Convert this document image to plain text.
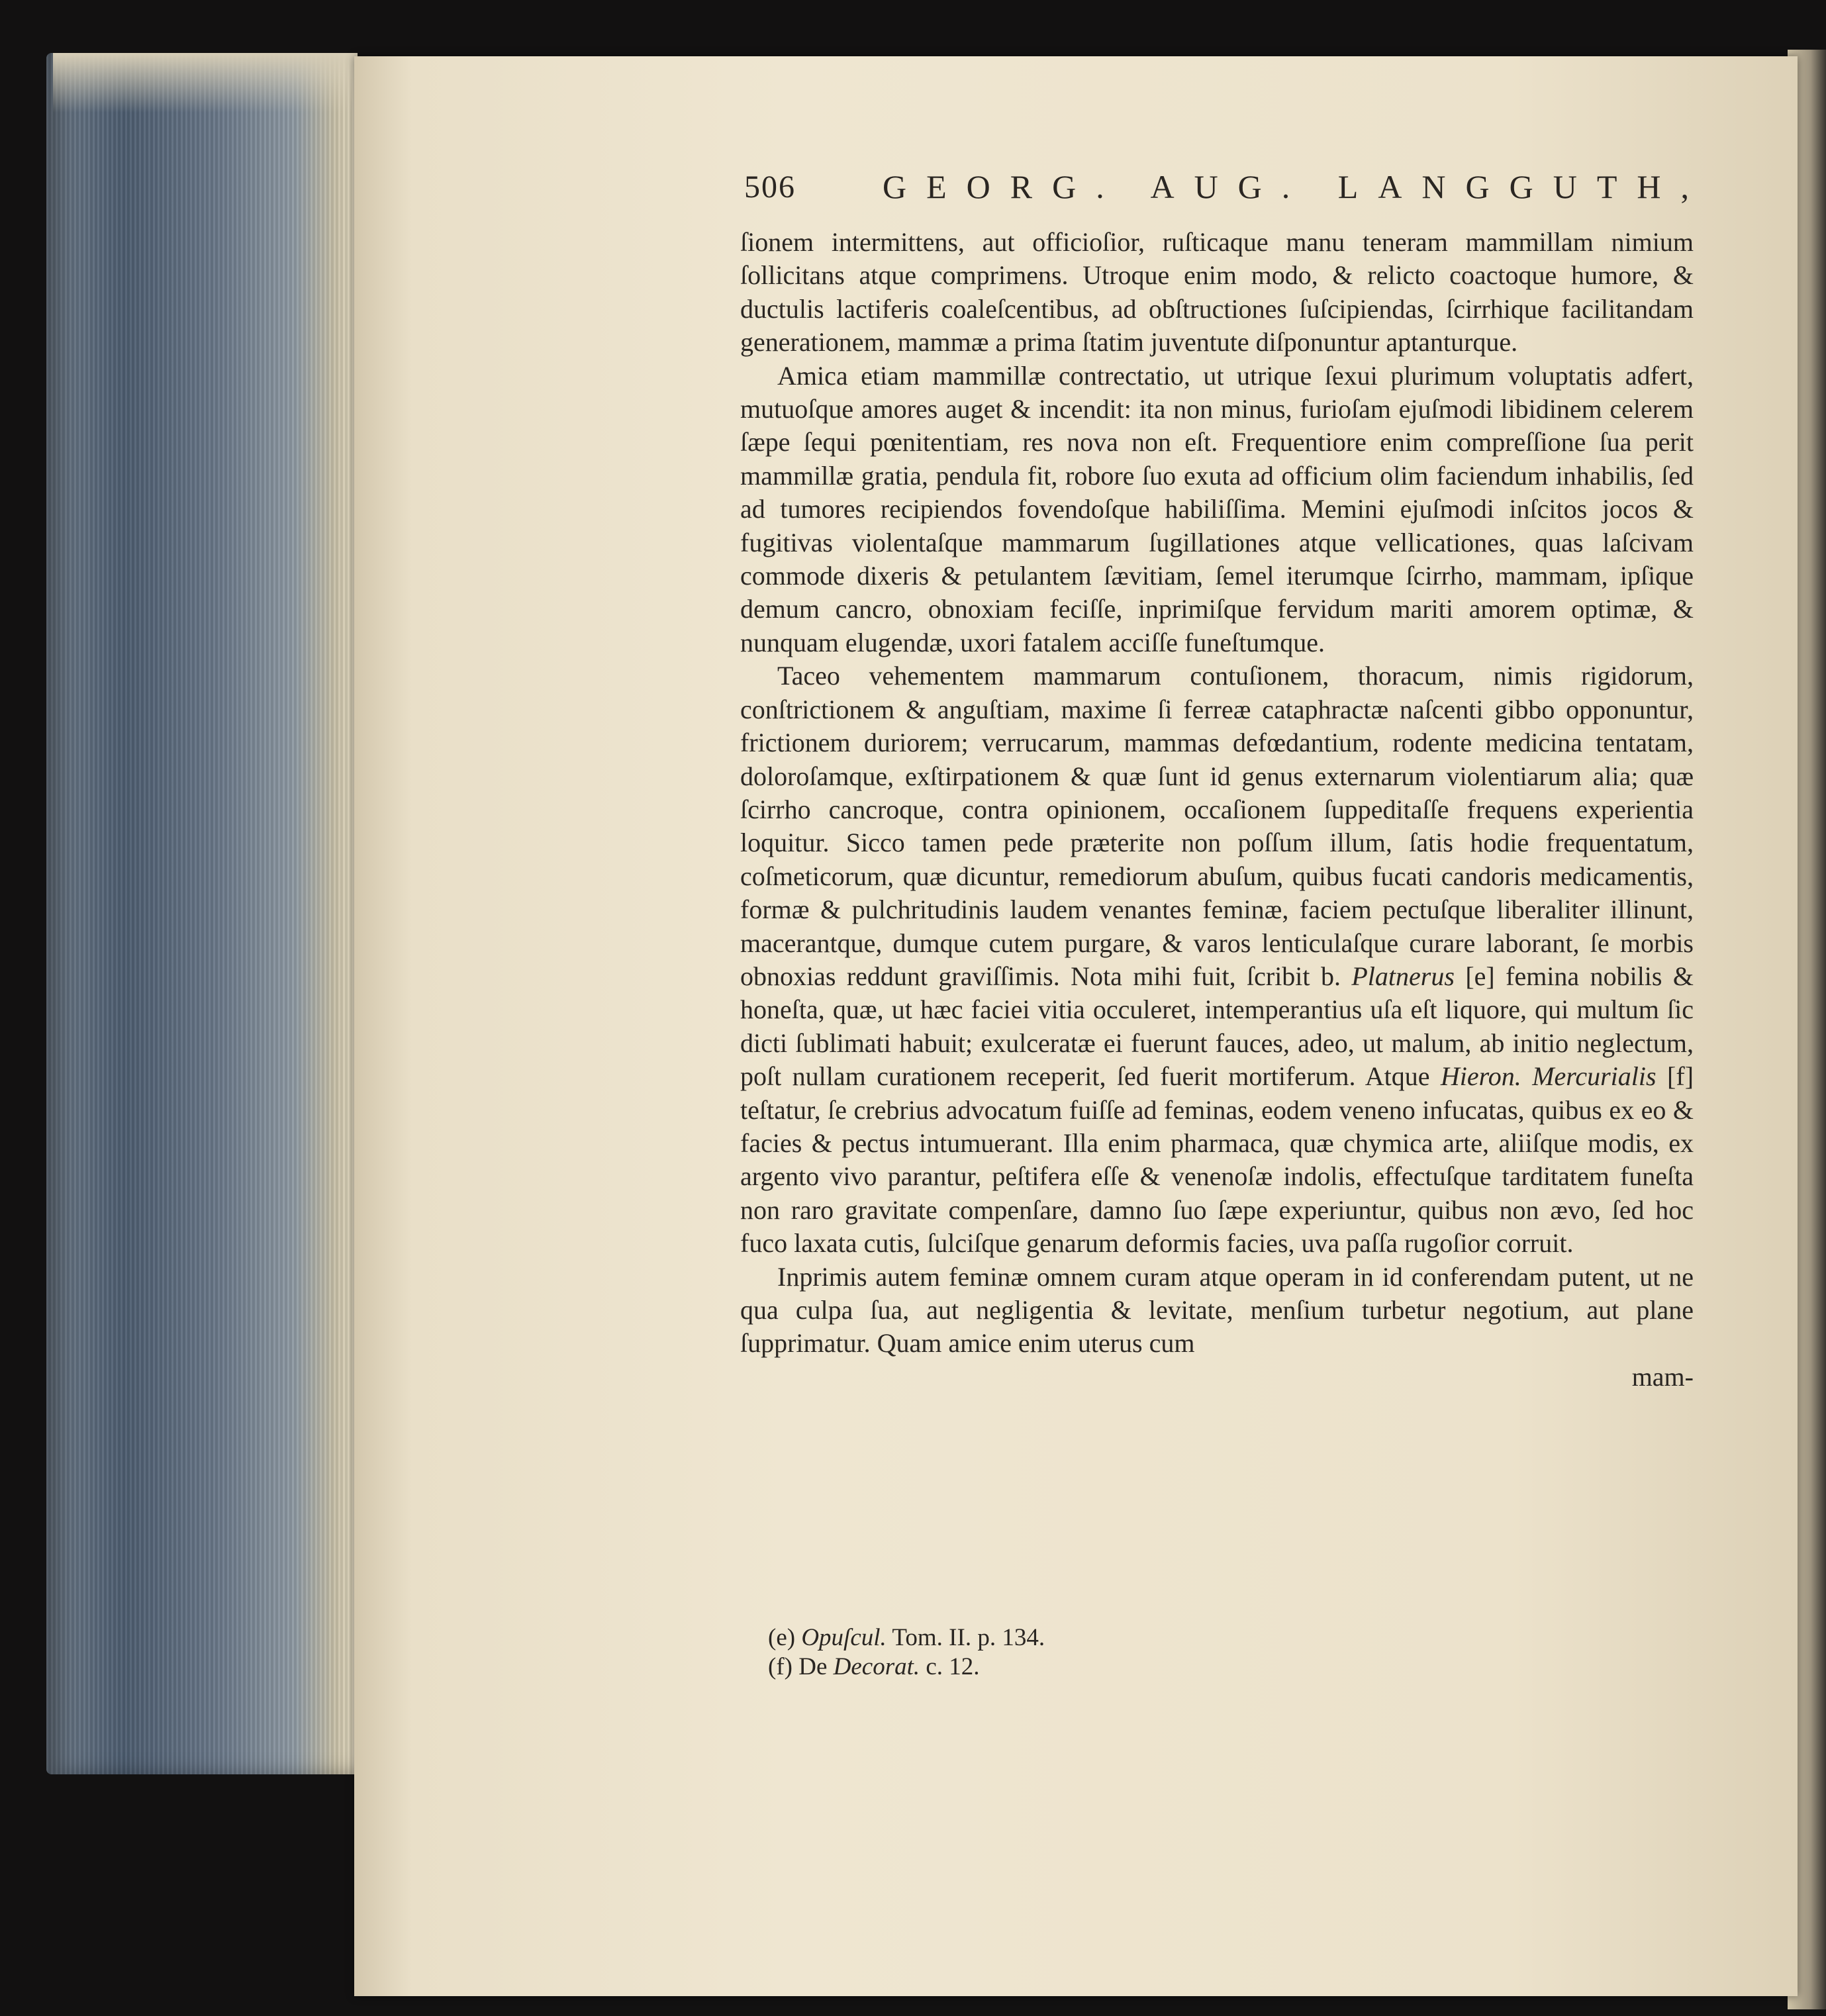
506	GEORG. AUG. LANGGUTH,

ſionem intermittens, aut officioſior, ruſticaque manu teneram mammillam nimium ſollicitans atque comprimens. Utroque enim modo, & relicto coactoque humore, & ductulis lactiferis coaleſcentibus, ad obſtructiones ſuſcipiendas, ſcirrhique facilitandam generationem, mammæ a prima ſtatim juventute diſponuntur aptanturque.

Amica etiam mammillæ contrectatio, ut utrique ſexui plurimum voluptatis adfert, mutuoſque amores auget & incendit: ita non minus, furioſam ejuſmodi libidinem celerem ſæpe ſequi pœnitentiam, res nova non eſt. Frequentiore enim compreſſione ſua perit mammillæ gratia, pendula fit, robore ſuo exuta ad officium olim faciendum inhabilis, ſed ad tumores recipiendos fovendoſque habiliſſima. Memini ejuſmodi inſcitos jocos & fugitivas violentaſque mammarum ſugillationes atque vellicationes, quas laſcivam commode dixeris & petulantem ſævitiam, ſemel iterumque ſcirrho, mammam, ipſique demum cancro, obnoxiam feciſſe, inprimiſque fervidum mariti amorem optimæ, & nunquam elugendæ, uxori fatalem acciſſe funeſtumque.

Taceo vehementem mammarum contuſionem, thoracum, nimis rigidorum, conſtrictionem & anguſtiam, maxime ſi ferreæ cataphractæ naſcenti gibbo opponuntur, frictionem duriorem; verrucarum, mammas defœdantium, rodente medicina tentatam, doloroſamque, exſtirpationem & quæ ſunt id genus externarum violentiarum alia; quæ ſcirrho cancroque, contra opinionem, occaſionem ſuppeditaſſe frequens experientia loquitur. Sicco tamen pede præterite non poſſum illum, ſatis hodie frequentatum, coſmeticorum, quæ dicuntur, remediorum abuſum, quibus fucati candoris medicamentis, formæ & pulchritudinis laudem venantes feminæ, faciem pectuſque liberaliter illinunt, macerantque, dumque cutem purgare, & varos lenticulaſque curare laborant, ſe morbis obnoxias reddunt graviſſimis. Nota mihi fuit, ſcribit b. Platnerus [e] femina nobilis & honeſta, quæ, ut hæc faciei vitia occuleret, intemperantius uſa eſt liquore, qui multum ſic dicti ſublimati habuit; exulceratæ ei fuerunt fauces, adeo, ut malum, ab initio neglectum, poſt nullam curationem receperit, ſed fuerit mortiferum. Atque Hieron. Mercurialis [f] teſtatur, ſe crebrius advocatum fuiſſe ad feminas, eodem veneno infucatas, quibus ex eo & facies & pectus intumuerant. Illa enim pharmaca, quæ chymica arte, aliiſque modis, ex argento vivo parantur, peſtifera eſſe & venenoſæ indolis, effectuſque tarditatem funeſta non raro gravitate compenſare, damno ſuo ſæpe experiuntur, quibus non ævo, ſed hoc fuco laxata cutis, ſulciſque genarum deformis facies, uva paſſa rugoſior corruit.

Inprimis autem feminæ omnem curam atque operam in id conferendam putent, ut ne qua culpa ſua, aut negligentia & levitate, menſium turbetur negotium, aut plane ſupprimatur. Quam amice enim uterus cum

mam-
(e) Opuſcul. Tom. II. p. 134.
(f) De Decorat. c. 12.
